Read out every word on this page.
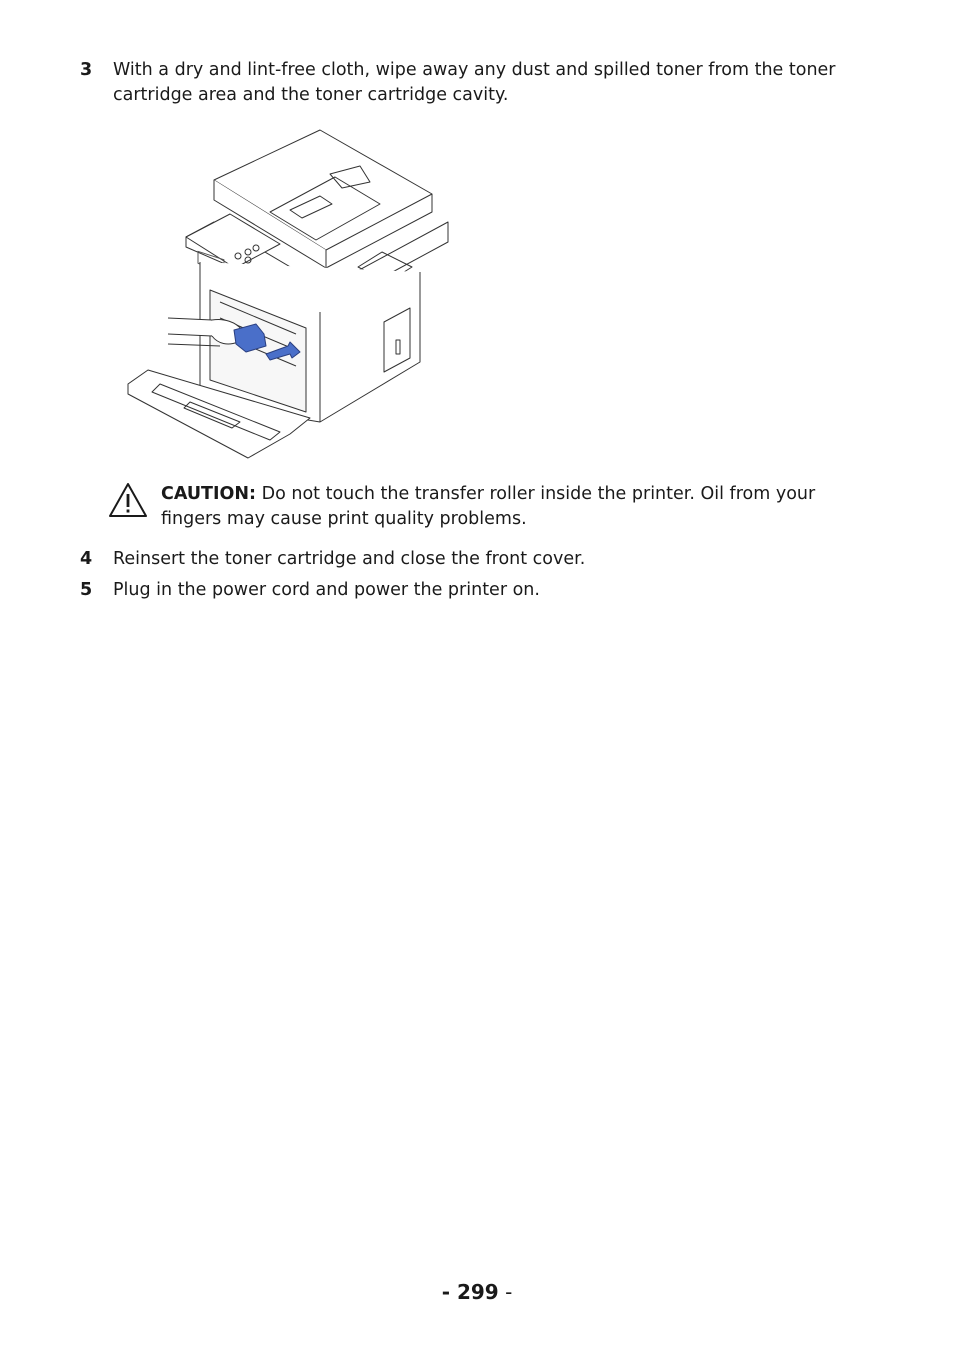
3 With a dry and lint-free cloth, wipe away any dust and spilled toner from the toner cartridge area and the toner cartridge cavity.
CAUTION: Do not touch the transfer roller inside the printer. Oil from your fingers may cause print quality problems.
4 Reinsert the toner cartridge and close the front cover.
5 Plug in the power cord and power the printer on.
- 299 -
